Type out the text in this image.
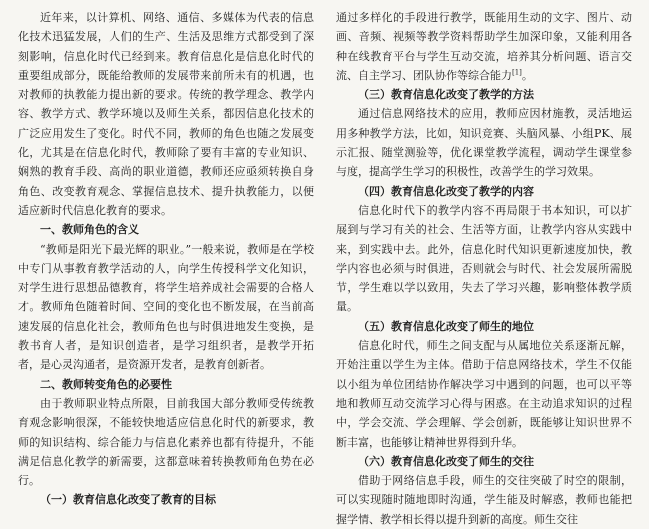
近年来，以计算机、网络、通信、多媒体为代表的信息化技术迅猛发展，人们的生产、生活及思维方式都受到了深刻影响，信息化时代已经到来。教育信息化是信息化时代的重要组成部分，既能给教师的发展带来前所未有的机遇，也对教师的执教能力提出新的要求。传统的教学理念、教学内容、教学方式、教学环境以及师生关系，都因信息化技术的广泛应用发生了变化。时代不同，教师的角色也随之发展变化，尤其是在信息化时代，教师除了要有丰富的专业知识、娴熟的教育手段、高尚的职业道德，教师还应亟须转换自身角色、改变教育观念、掌握信息技术、提升执教能力，以便适应新时代信息化教育的要求。

一、教师角色的含义

“教师是阳光下最光辉的职业。”一般来说，教师是在学校中专门从事教育教学活动的人，向学生传授科学文化知识，对学生进行思想品德教育，将学生培养成社会需要的合格人才。教师角色随着时间、空间的变化也不断发展，在当前高速发展的信息化社会，教师角色也与时俱进地发生变换，是教书育人者，是知识创造者，是学习组织者，是教学开拓者，是心灵沟通者，是资源开发者，是教育创新者。

二、教师转变角色的必要性

由于教师职业特点所限，目前我国大部分教师受传统教育观念影响很深，不能较快地适应信息化时代的新要求，教师的知识结构、综合能力与信息化素养也都有待提升，不能满足信息化教学的新需要，这都意味着转换教师角色势在必行。

（一）教育信息化改变了教育的目标

通过多样化的手段进行教学，既能用生动的文字、图片、动画、音频、视频等教学资料帮助学生加深印象，又能利用各种在线教育平台与学生互动交流，培养其分析问题、语言交流、自主学习、团队协作等综合能力[1]。

（三）教育信息化改变了教学的方法

通过信息网络技术的应用，教师应因材施教，灵活地运用多种教学方法，比如，知识竞赛、头脑风暴、小组PK、展示汇报、随堂测验等，优化课堂教学流程，调动学生课堂参与度，提高学生学习的积极性，改善学生的学习效果。

（四）教育信息化改变了教学的内容

信息化时代下的教学内容不再局限于书本知识，可以扩展到与学习有关的社会、生活等方面，让教学内容从实践中来，到实践中去。此外，信息化时代知识更新速度加快，教学内容也必须与时俱进，否则就会与时代、社会发展所需脱节，学生难以学以致用，失去了学习兴趣，影响整体教学质量。

（五）教育信息化改变了师生的地位

信息化时代，师生之间支配与从属地位关系逐渐瓦解，开始注重以学生为主体。借助于信息网络技术，学生不仅能以小组为单位团结协作解决学习中遇到的问题，也可以平等地和教师互动交流学习心得与困惑。在主动追求知识的过程中，学会交流、学会理解、学会创新，既能够让知识世界不断丰富，也能够让精神世界得到升华。

（六）教育信息化改变了师生的交往

借助于网络信息手段，师生的交往突破了时空的限制，可以实现随时随地即时沟通，学生能及时解惑，教师也能把握学情、教学相长得以提升到新的高度。师生交往
